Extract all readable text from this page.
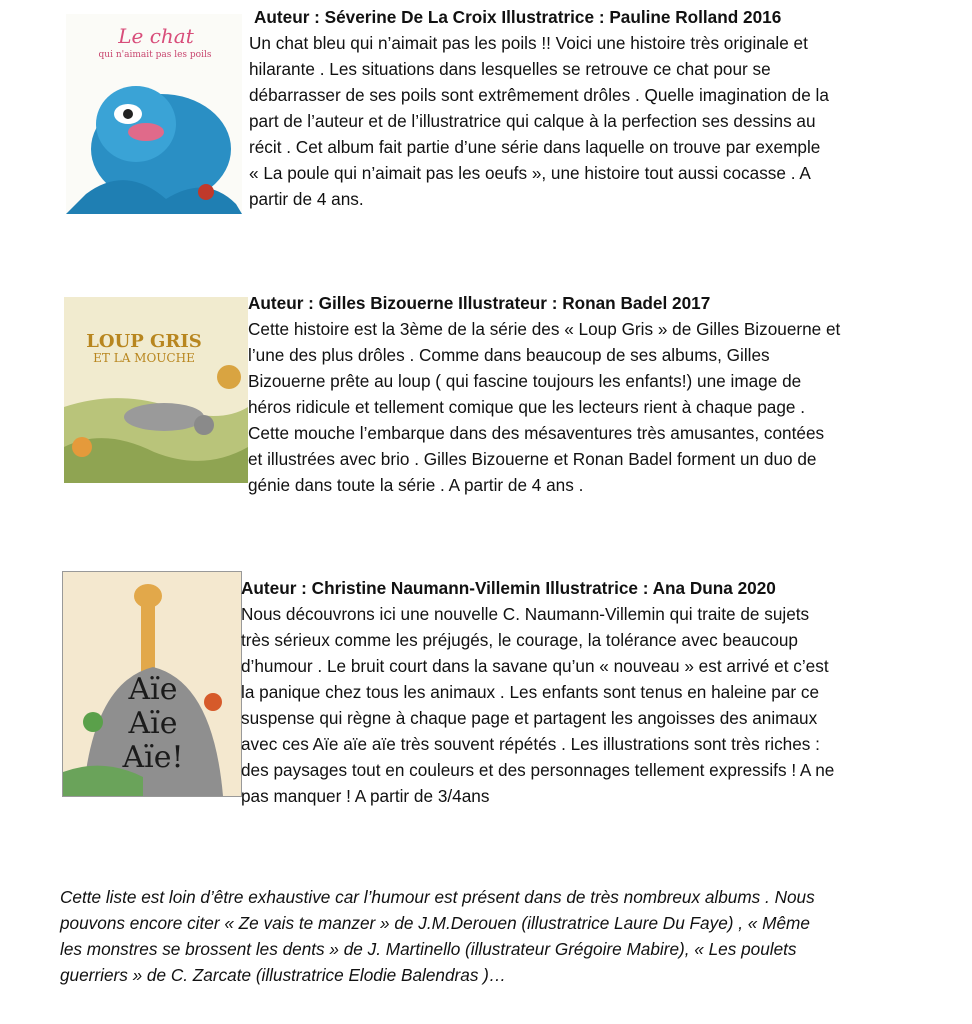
Le chat
qui n'aimait pas les poils
Auteur : Séverine De La Croix Illustratrice : Pauline Rolland 2016
Un chat bleu qui n’aimait pas les poils !! Voici une histoire très originale et
hilarante . Les situations dans lesquelles se retrouve ce chat pour se
débarrasser de ses poils sont extrêmement drôles . Quelle imagination de la
part de l’auteur et de l’illustratrice qui calque à la perfection ses dessins au
récit . Cet album fait partie d’une série dans laquelle on trouve par exemple
« La poule qui n’aimait pas les oeufs », une histoire tout aussi cocasse . A
partir de 4 ans.
LOUP GRIS
ET LA MOUCHE
Auteur : Gilles Bizouerne Illustrateur : Ronan Badel 2017
Cette histoire est la 3ème de la série des « Loup Gris » de Gilles Bizouerne et
l’une des plus drôles . Comme dans beaucoup de ses albums, Gilles
Bizouerne prête au loup ( qui fascine toujours les enfants!) une image de
héros ridicule et tellement comique que les lecteurs rient à chaque page .
Cette mouche l’embarque dans des mésaventures très amusantes, contées
et illustrées avec brio . Gilles Bizouerne et Ronan Badel forment un duo de
génie dans toute la série . A partir de 4 ans .
Aïe
Aïe
Aïe!
Auteur : Christine Naumann-Villemin Illustratrice : Ana Duna 2020
Nous découvrons ici une nouvelle C. Naumann-Villemin qui traite de sujets
très sérieux comme les préjugés, le courage, la tolérance avec beaucoup
d’humour . Le bruit court dans la savane qu’un « nouveau » est arrivé et c’est
la panique chez tous les animaux . Les enfants sont tenus en haleine par ce
suspense qui règne à chaque page et partagent les angoisses des animaux
avec ces Aïe aïe aïe très souvent répétés . Les illustrations sont très riches :
des paysages tout en couleurs et des personnages tellement expressifs ! A ne
pas manquer ! A partir de 3/4ans
Cette liste est loin d’être exhaustive car l’humour est présent dans de très nombreux albums . Nous
pouvons encore citer « Ze vais te manzer » de J.M.Derouen (illustratrice Laure Du Faye) , « Même
les monstres se brossent les dents » de J. Martinello (illustrateur Grégoire Mabire), « Les poulets
guerriers » de C. Zarcate (illustratrice Elodie Balendras )…
